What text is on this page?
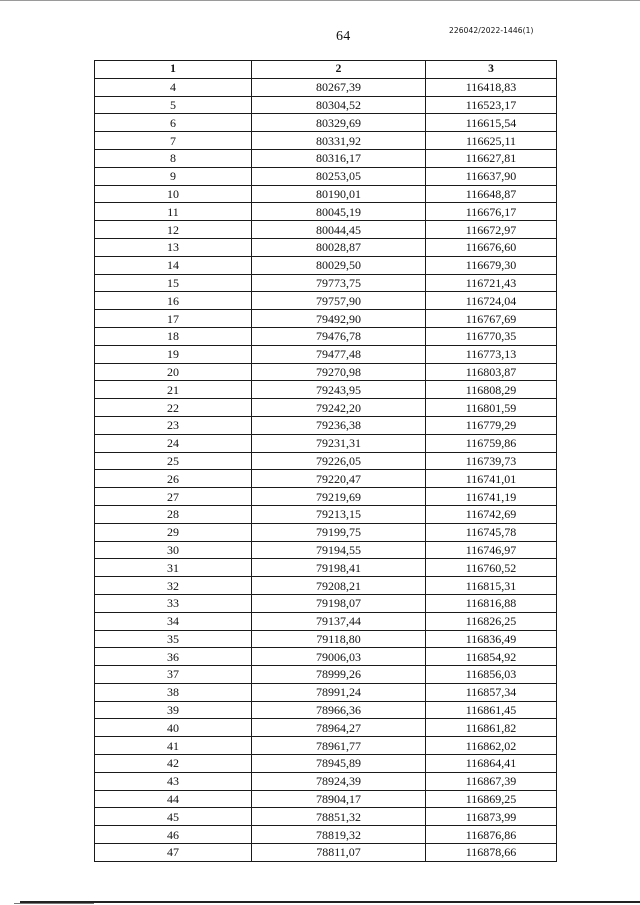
64	226042/2022-1446(1)
1	2	3
4	80267,39	116418,83
5	80304,52	116523,17
6	80329,69	116615,54
7	80331,92	116625,11
8	80316,17	116627,81
9	80253,05	116637,90
10	80190,01	116648,87
11	80045,19	116676,17
12	80044,45	116672,97
13	80028,87	116676,60
14	80029,50	116679,30
15	79773,75	116721,43
16	79757,90	116724,04
17	79492,90	116767,69
18	79476,78	116770,35
19	79477,48	116773,13
20	79270,98	116803,87
21	79243,95	116808,29
22	79242,20	116801,59
23	79236,38	116779,29
24	79231,31	116759,86
25	79226,05	116739,73
26	79220,47	116741,01
27	79219,69	116741,19
28	79213,15	116742,69
29	79199,75	116745,78
30	79194,55	116746,97
31	79198,41	116760,52
32	79208,21	116815,31
33	79198,07	116816,88
34	79137,44	116826,25
35	79118,80	116836,49
36	79006,03	116854,92
37	78999,26	116856,03
38	78991,24	116857,34
39	78966,36	116861,45
40	78964,27	116861,82
41	78961,77	116862,02
42	78945,89	116864,41
43	78924,39	116867,39
44	78904,17	116869,25
45	78851,32	116873,99
46	78819,32	116876,86
47	78811,07	116878,66
